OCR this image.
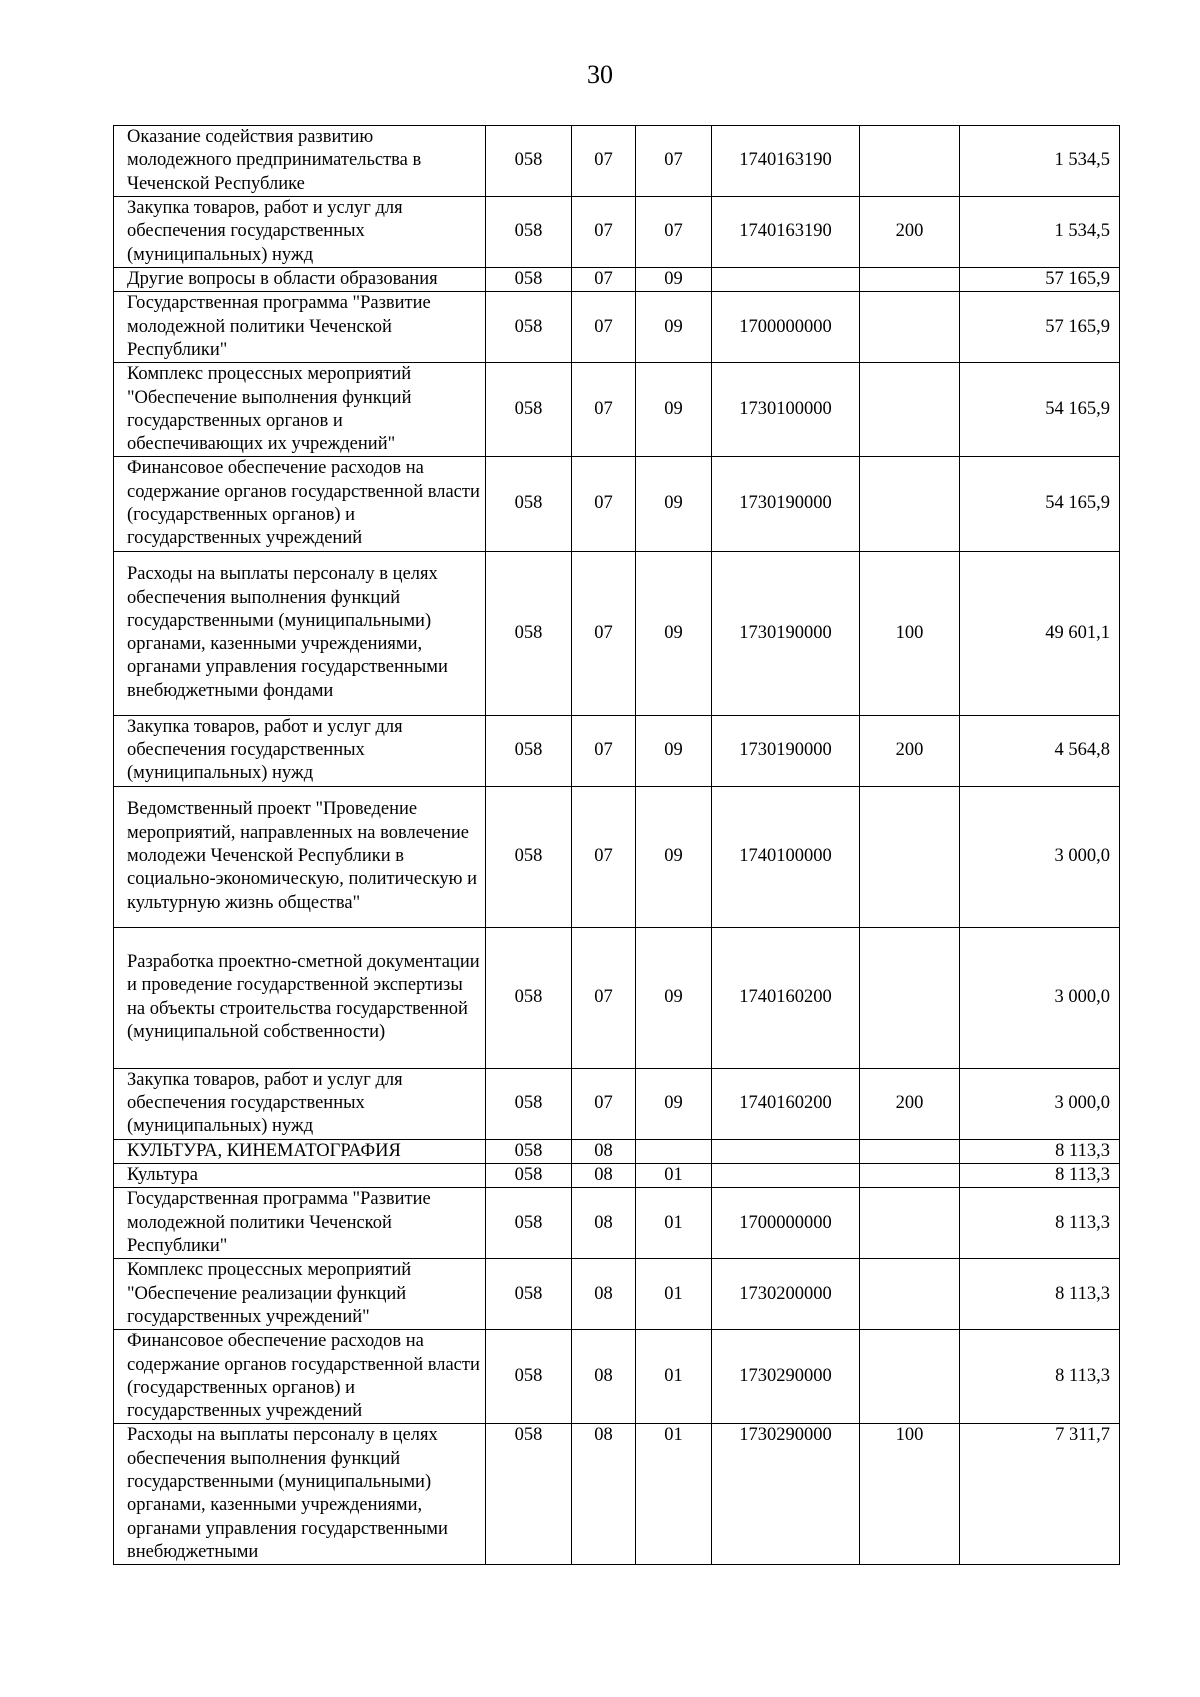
30
Оказание содействия развитию молодежного предпринимательства в Чеченской Республике	058	07	07	1740163190		1 534,5
Закупка товаров, работ и услуг для обеспечения государственных (муниципальных) нужд	058	07	07	1740163190	200	1 534,5
Другие вопросы в области образования	058	07	09			57 165,9
Государственная программа "Развитие молодежной политики Чеченской Республики"	058	07	09	1700000000		57 165,9
Комплекс процессных мероприятий "Обеспечение выполнения функций государственных органов и обеспечивающих их учреждений"	058	07	09	1730100000		54 165,9
Финансовое обеспечение расходов на содержание органов государственной власти (государственных органов) и государственных учреждений	058	07	09	1730190000		54 165,9
Расходы на выплаты персоналу в целях обеспечения выполнения функций государственными (муниципальными) органами, казенными учреждениями, органами управления государственными внебюджетными фондами	058	07	09	1730190000	100	49 601,1
Закупка товаров, работ и услуг для обеспечения государственных (муниципальных) нужд	058	07	09	1730190000	200	4 564,8
Ведомственный проект "Проведение мероприятий, направленных на вовлечение молодежи Чеченской Республики в социально-экономическую, политическую и культурную жизнь общества"	058	07	09	1740100000		3 000,0
Разработка проектно-сметной документации и проведение государственной экспертизы на объекты строительства государственной (муниципальной собственности)	058	07	09	1740160200		3 000,0
Закупка товаров, работ и услуг для обеспечения государственных (муниципальных) нужд	058	07	09	1740160200	200	3 000,0
КУЛЬТУРА, КИНЕМАТОГРАФИЯ	058	08				8 113,3
Культура	058	08	01			8 113,3
Государственная программа "Развитие молодежной политики Чеченской Республики"	058	08	01	1700000000		8 113,3
Комплекс процессных мероприятий "Обеспечение реализации функций государственных учреждений"	058	08	01	1730200000		8 113,3
Финансовое обеспечение расходов на содержание органов государственной власти (государственных органов) и государственных учреждений	058	08	01	1730290000		8 113,3
Расходы на выплаты персоналу в целях обеспечения выполнения функций государственными (муниципальными) органами, казенными учреждениями, органами управления государственными внебюджетными	058	08	01	1730290000	100	7 311,7
